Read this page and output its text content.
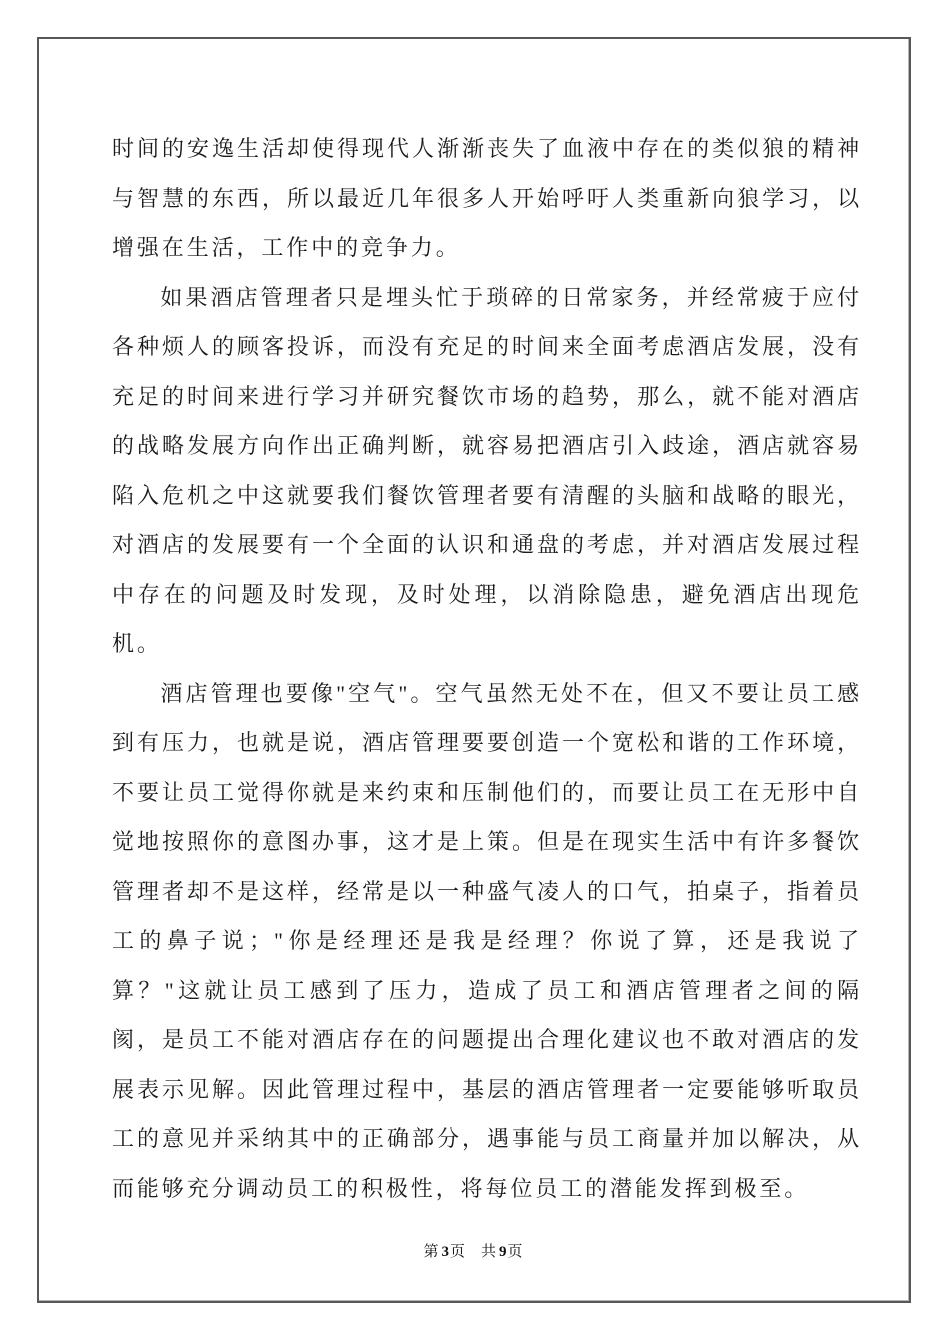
时间的安逸生活却使得现代人渐渐丧失了血液中存在的类似狼的精神与智慧的东西，所以最近几年很多人开始呼吁人类重新向狼学习，以增强在生活，工作中的竞争力。

如果酒店管理者只是埋头忙于琐碎的日常家务，并经常疲于应付各种烦人的顾客投诉，而没有充足的时间来全面考虑酒店发展，没有充足的时间来进行学习并研究餐饮市场的趋势，那么，就不能对酒店的战略发展方向作出正确判断，就容易把酒店引入歧途，酒店就容易陷入危机之中这就要我们餐饮管理者要有清醒的头脑和战略的眼光，对酒店的发展要有一个全面的认识和通盘的考虑，并对酒店发展过程中存在的问题及时发现，及时处理，以消除隐患，避免酒店出现危机。

酒店管理也要像"空气"。空气虽然无处不在，但又不要让员工感到有压力，也就是说，酒店管理要要创造一个宽松和谐的工作环境，不要让员工觉得你就是来约束和压制他们的，而要让员工在无形中自觉地按照你的意图办事，这才是上策。但是在现实生活中有许多餐饮管理者却不是这样，经常是以一种盛气凌人的口气，拍桌子，指着员工的鼻子说；"你是经理还是我是经理？你说了算，还是我说了算？"这就让员工感到了压力，造成了员工和酒店管理者之间的隔阂，是员工不能对酒店存在的问题提出合理化建议也不敢对酒店的发展表示见解。因此管理过程中，基层的酒店管理者一定要能够听取员工的意见并采纳其中的正确部分，遇事能与员工商量并加以解决，从而能够充分调动员工的积极性，将每位员工的潜能发挥到极至。

第3页 共9页
